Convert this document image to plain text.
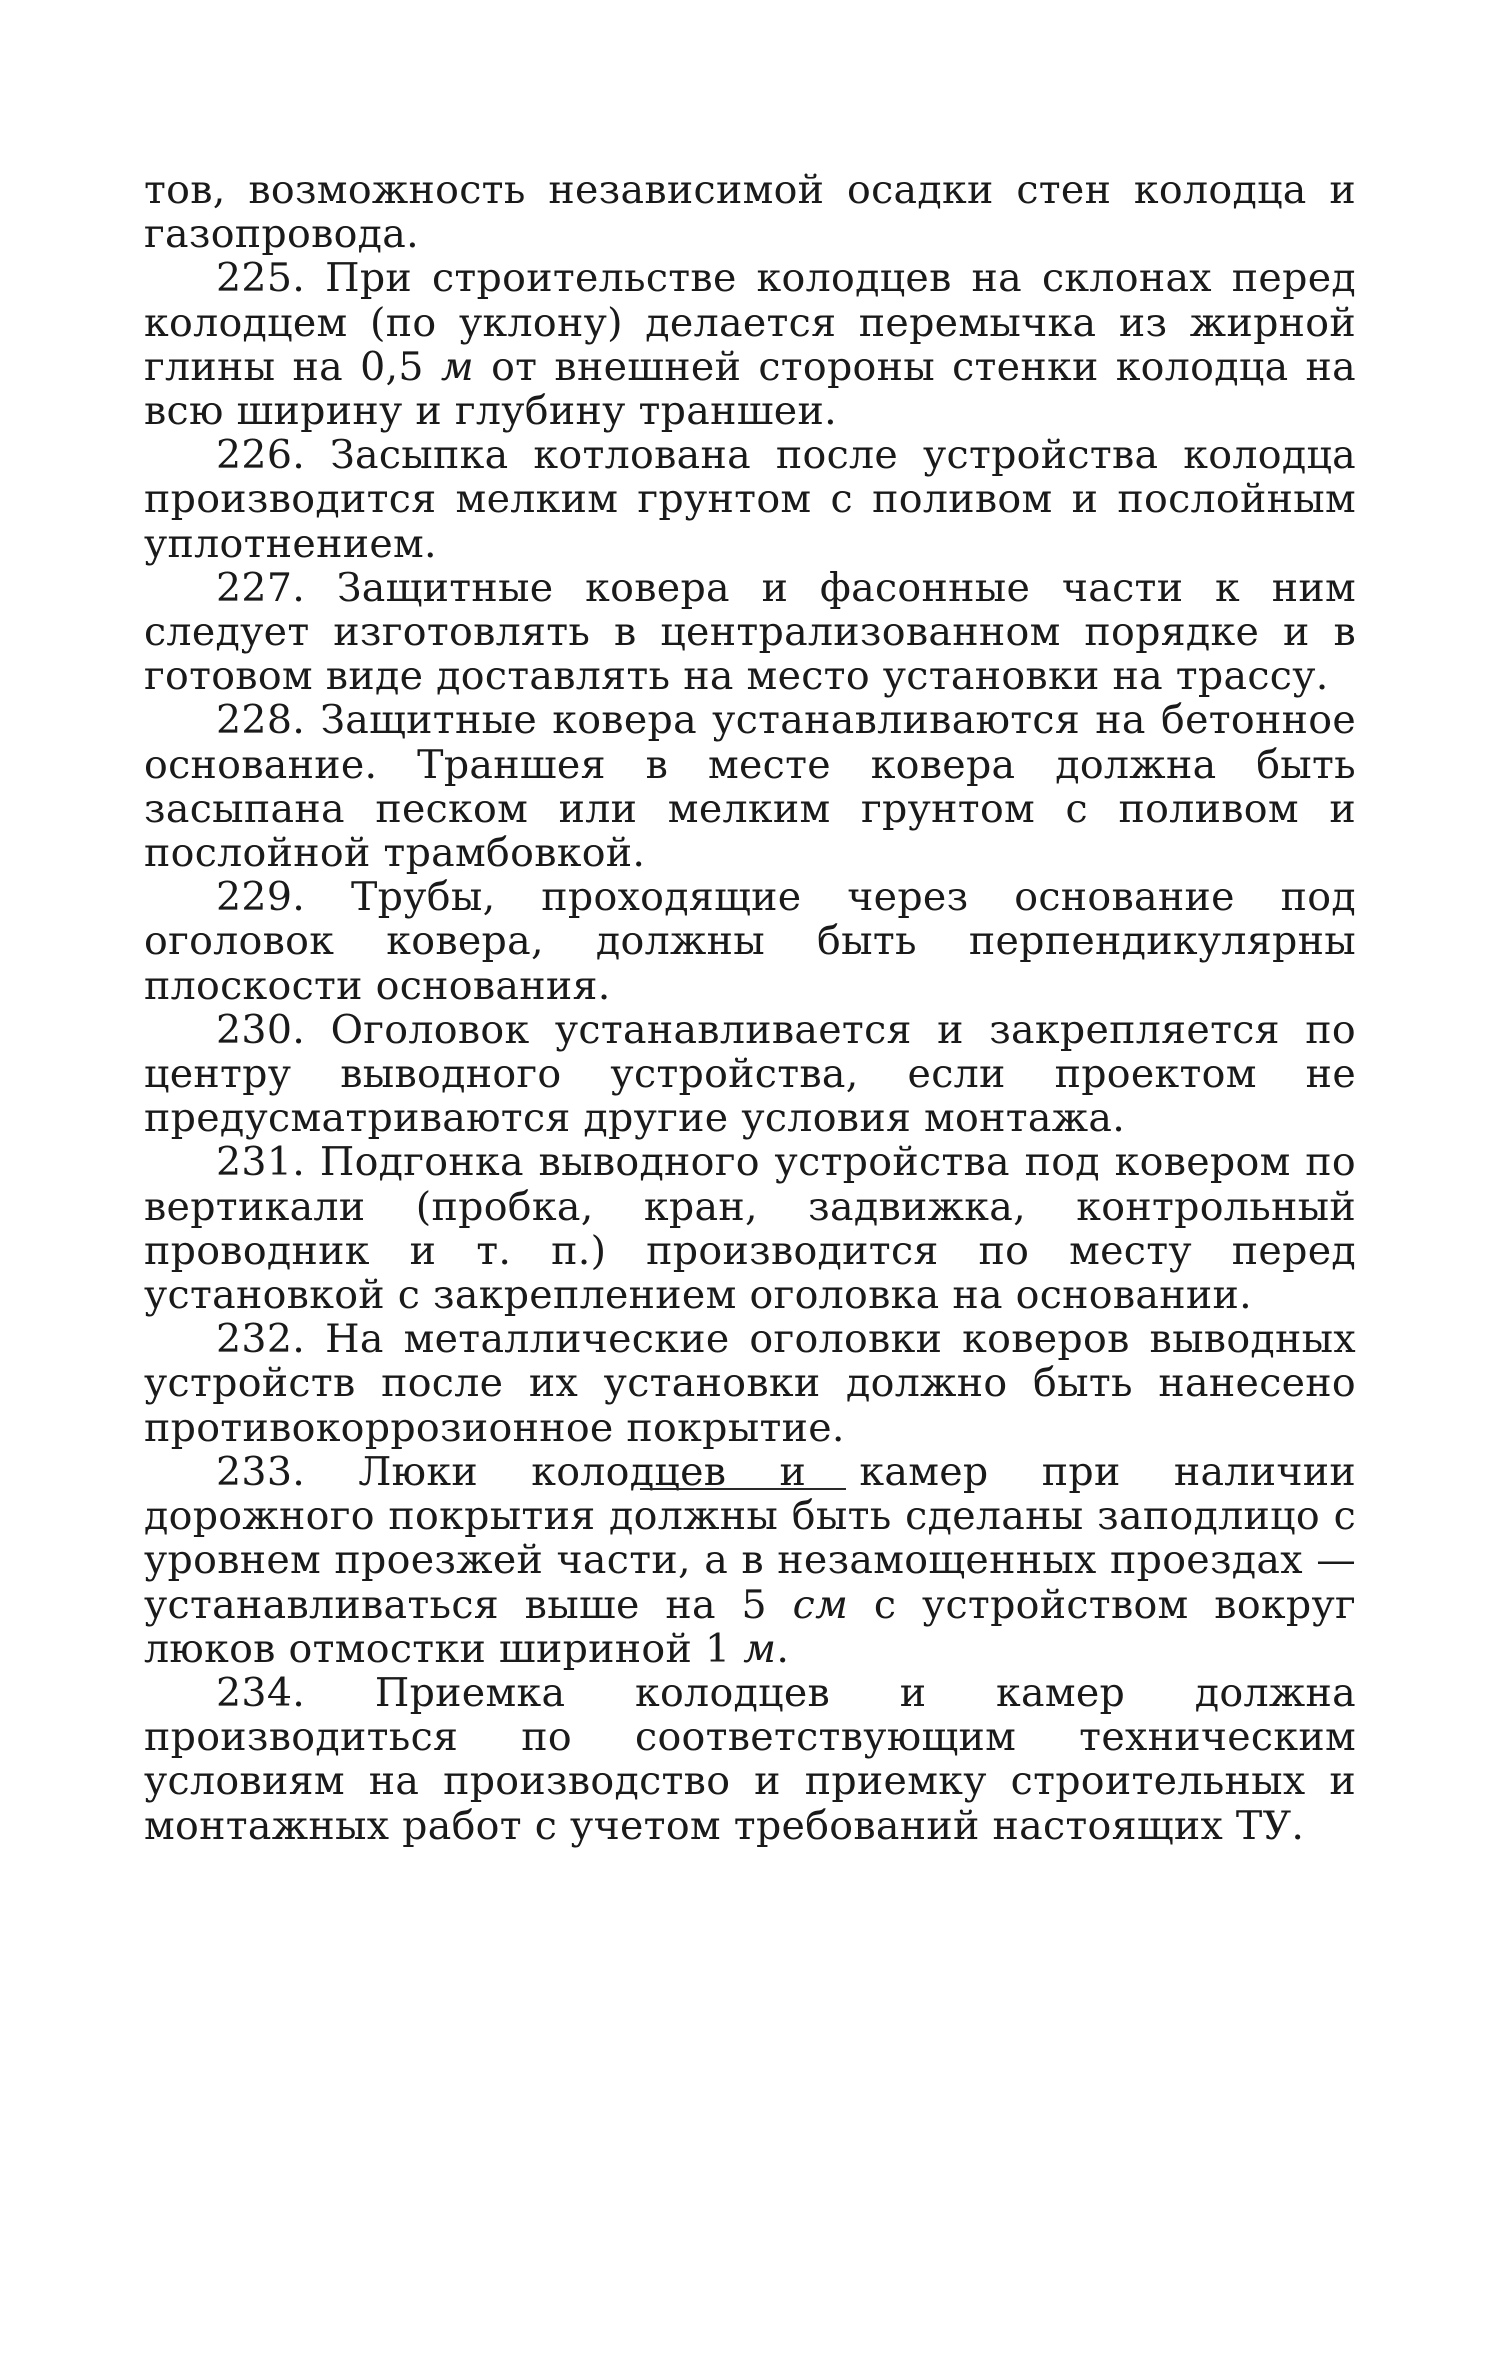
тов, возможность независимой осадки стен колодца и газопровода.

225. При строительстве колодцев на склонах перед колодцем (по уклону) делается перемычка из жирной глины на 0,5 м от внешней стороны стенки колодца на всю ширину и глубину траншеи.

226. Засыпка котлована после устройства колодца производится мелким грунтом с поливом и послойным уплотнением.

227. Защитные ковера и фасонные части к ним следует изготовлять в централизованном порядке и в готовом виде доставлять на место установки на трассу.

228. Защитные ковера устанавливаются на бетонное основание. Траншея в месте ковера должна быть засыпана песком или мелким грунтом с поливом и послойной трамбовкой.

229. Трубы, проходящие через основание под оголовок ковера, должны быть перпендикулярны плоскости основания.

230. Оголовок устанавливается и закрепляется по центру выводного устройства, если проектом не предусматриваются другие условия монтажа.

231. Подгонка выводного устройства под ковером по вертикали (пробка, кран, задвижка, контрольный проводник и т. п.) производится по месту перед установкой с закреплением оголовка на основании.

232. На металлические оголовки коверов выводных устройств после их установки должно быть нанесено противокоррозионное покрытие.

233. Люки колодцев и камер при наличии дорожного покрытия должны быть сделаны заподлицо с уровнем проезжей части, а в незамощенных проездах — устанавливаться выше на 5 см с устройством вокруг люков отмостки шириной 1 м.

234. Приемка колодцев и камер должна производиться по соответствующим техническим условиям на производство и приемку строительных и монтажных работ с учетом требований настоящих ТУ.
